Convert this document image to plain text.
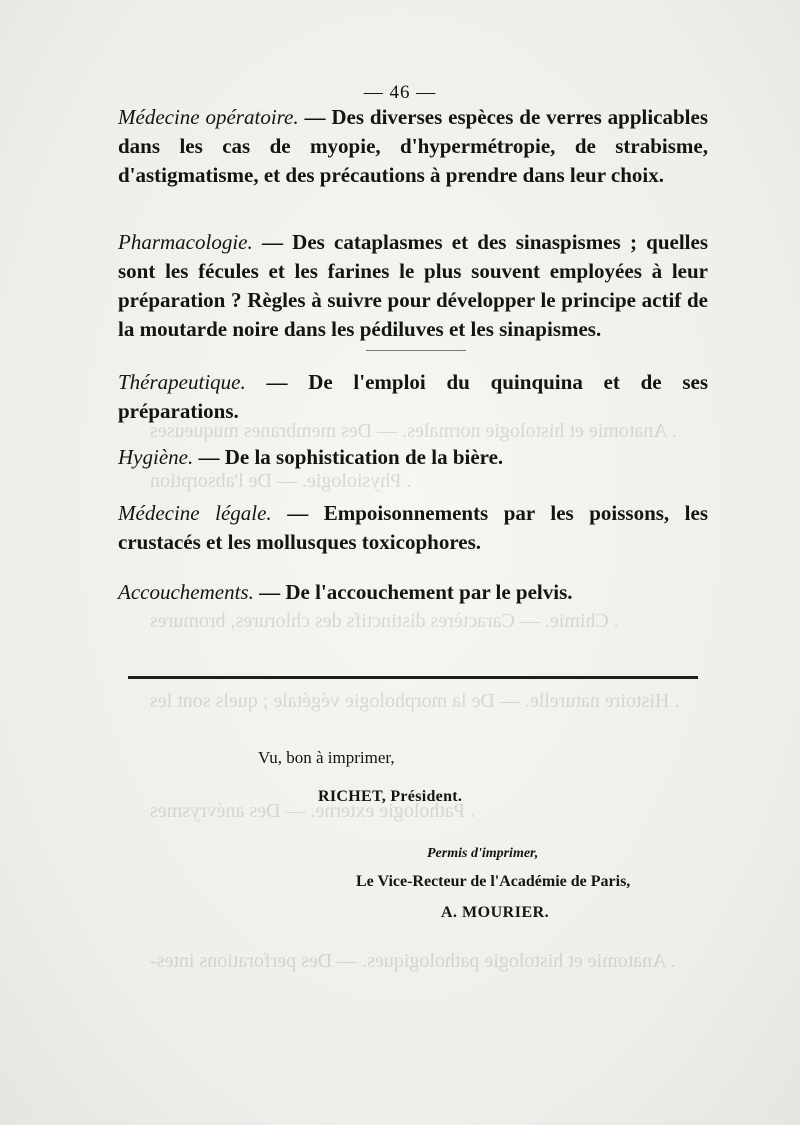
. Anatomie et histologie normales. — Des membranes muqueuses
. Physiologie. — De l'absorption
. Chimie. — Caractères distinctifs des chlorures, bromures
. Histoire naturelle. — De la morphologie végétale ; quels sont les
. Pathologie externe. — Des anévrysmes
. Anatomie et histologie pathologiques. — Des perforations intes-
— 46 —

Médecine opératoire. — Des diverses espèces de verres applicables dans les cas de myopie, d'hypermétropie, de strabisme, d'astigmatisme, et des précautions à prendre dans leur choix.

Pharmacologie. — Des cataplasmes et des sinaspismes ; quelles sont les fécules et les farines le plus souvent employées à leur préparation ? Règles à suivre pour développer le principe actif de la moutarde noire dans les pédiluves et les sinapismes.

Thérapeutique. — De l'emploi du quinquina et de ses préparations.

Hygiène. — De la sophistication de la bière.

Médecine légale. — Empoisonnements par les poissons, les crustacés et les mollusques toxicophores.

Accouchements. — De l'accouchement par le pelvis.

Vu, bon à imprimer,
RICHET, Président.
Permis d'imprimer,
Le Vice-Recteur de l'Académie de Paris,
A. MOURIER.
